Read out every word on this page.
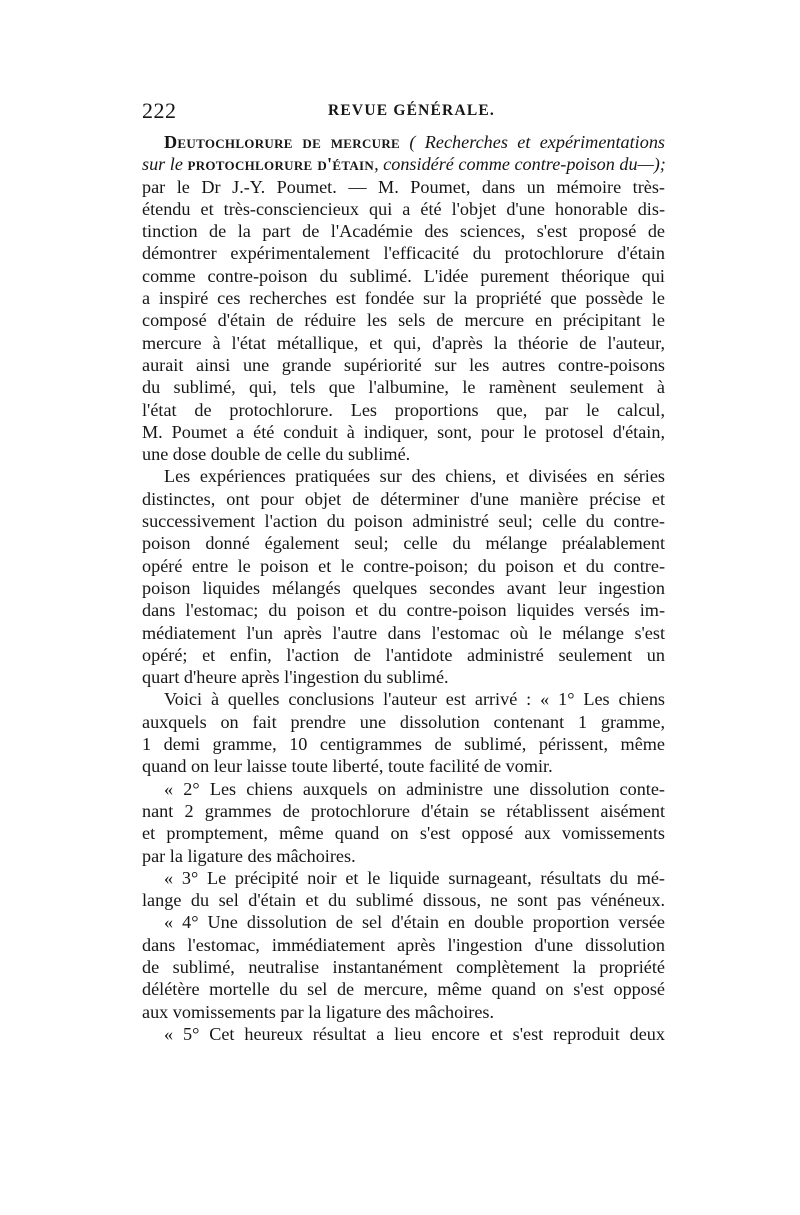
222	REVUE GÉNÉRALE.
Deutochlorure de mercure ( Recherches et expérimentations
sur le protochlorure d'étain, considéré comme contre-poison du—);
par le Dr J.-Y. Poumet. — M. Poumet, dans un mémoire très-
étendu et très-consciencieux qui a été l'objet d'une honorable dis-
tinction de la part de l'Académie des sciences, s'est proposé de
démontrer expérimentalement l'efficacité du protochlorure d'étain
comme contre-poison du sublimé. L'idée purement théorique qui
a inspiré ces recherches est fondée sur la propriété que possède le
composé d'étain de réduire les sels de mercure en précipitant le
mercure à l'état métallique, et qui, d'après la théorie de l'auteur,
aurait ainsi une grande supériorité sur les autres contre-poisons
du sublimé, qui, tels que l'albumine, le ramènent seulement à
l'état de protochlorure. Les proportions que, par le calcul,
M. Poumet a été conduit à indiquer, sont, pour le protosel d'étain,
une dose double de celle du sublimé.
Les expériences pratiquées sur des chiens, et divisées en séries
distinctes, ont pour objet de déterminer d'une manière précise et
successivement l'action du poison administré seul; celle du contre-
poison donné également seul; celle du mélange préalablement
opéré entre le poison et le contre-poison; du poison et du contre-
poison liquides mélangés quelques secondes avant leur ingestion
dans l'estomac; du poison et du contre-poison liquides versés im-
médiatement l'un après l'autre dans l'estomac où le mélange s'est
opéré; et enfin, l'action de l'antidote administré seulement un
quart d'heure après l'ingestion du sublimé.
Voici à quelles conclusions l'auteur est arrivé : « 1° Les chiens
auxquels on fait prendre une dissolution contenant 1 gramme,
1 demi gramme, 10 centigrammes de sublimé, périssent, même
quand on leur laisse toute liberté, toute facilité de vomir.
« 2° Les chiens auxquels on administre une dissolution conte-
nant 2 grammes de protochlorure d'étain se rétablissent aisément
et promptement, même quand on s'est opposé aux vomissements
par la ligature des mâchoires.
« 3° Le précipité noir et le liquide surnageant, résultats du mé-
lange du sel d'étain et du sublimé dissous, ne sont pas vénéneux.
« 4° Une dissolution de sel d'étain en double proportion versée
dans l'estomac, immédiatement après l'ingestion d'une dissolution
de sublimé, neutralise instantanément complètement la propriété
délétère mortelle du sel de mercure, même quand on s'est opposé
aux vomissements par la ligature des mâchoires.
« 5° Cet heureux résultat a lieu encore et s'est reproduit deux
